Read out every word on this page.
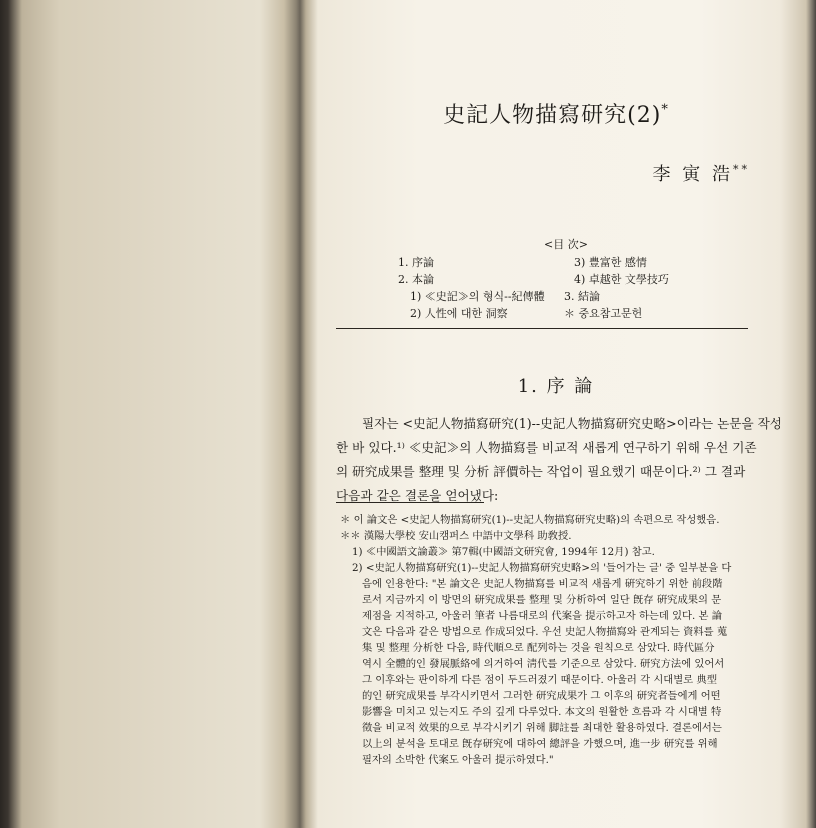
史記人物描寫研究(2)*
李 寅 浩**
<目 次>
1. 序論
2. 本論
1) ≪史記≫의 형식--紀傳體
2) 人性에 대한 洞察
3) 豊富한 感情
4) 卓越한 文學技巧
3. 結論
＊ 중요참고문헌
1. 序 論
필자는 <史記人物描寫研究(1)--史記人物描寫研究史略>이라는 논문을 작성
한 바 있다.¹⁾ ≪史記≫의 人物描寫를 비교적 새롭게 연구하기 위해 우선 기존
의 研究成果를 整理 및 分析 評價하는 작업이 필요했기 때문이다.²⁾ 그 결과
다음과 같은 결론을 얻어냈다:
＊ 이 論文은 <史記人物描寫研究(1)--史記人物描寫研究史略)의 속편으로 작성했음.
＊＊ 漢陽大學校 安山캠퍼스 中語中文學科 助敎授.
1) ≪中國語文論叢≫ 第7輯(中國語文研究會, 1994年 12月) 참고.
2) <史記人物描寫研究(1)--史記人物描寫研究史略>의 '들어가는 글' 중 일부분을 다
음에 인용한다: "본 論文은 史記人物描寫를 비교적 새롭게 硏究하기 위한 前段階
로서 지금까지 이 방면의 研究成果를 整理 및 分析하여 일단 旣存 硏究成果의 문
제점을 지적하고, 아울러 筆者 나름대로의 代案을 提示하고자 하는데 있다. 본 論
文은 다음과 같은 방법으로 作成되었다. 우선 史記人物描寫와 관계되는 資料를 蒐
集 및 整理 分析한 다음, 時代順으로 配列하는 것을 원칙으로 삼았다. 時代區分
역시 全體的인 發展脈絡에 의거하여 淸代를 기준으로 삼았다. 研究方法에 있어서
그 이후와는 판이하게 다른 점이 두드러졌기 때문이다. 아울러 각 시대별로 典型
的인 研究成果를 부각시키면서 그러한 研究成果가 그 이후의 研究者들에게 어떤
影響을 미치고 있는지도 주의 깊게 다루었다. 本文의 원활한 흐름과 각 시대별 特
徵을 비교적 效果的으로 부각시키기 위해 脚註를 최대한 활용하였다. 결론에서는
以上의 분석을 토대로 旣存研究에 대하여 總評을 가했으며, 進一步 研究를 위해
필자의 소박한 代案도 아울러 提示하였다."
